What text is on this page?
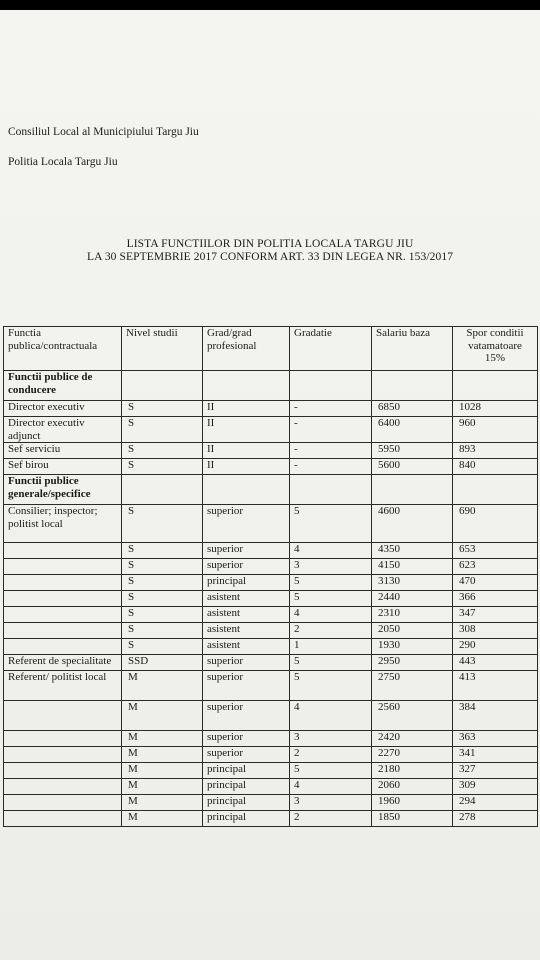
Consiliul Local al Municipiului Targu Jiu
Politia Locala Targu Jiu
LISTA FUNCTIILOR DIN POLITIA LOCALA TARGU JIU
LA 30 SEPTEMBRIE 2017 CONFORM ART. 33 DIN LEGEA NR. 153/2017
Functia publica/contractuala	Nivel studii	Grad/grad profesional	Gradatie	Salariu baza	Spor conditii vatamatoare 15%
Functii publice de conducere					
Director executiv	S	II	-	6850	1028
Director executiv adjunct	S	II	-	6400	960
Sef serviciu	S	II	-	5950	893
Sef birou	S	II	-	5600	840
Functii publice generale/specifice					
Consilier; inspector; politist local	S	superior	5	4600	690
	S	superior	4	4350	653
	S	superior	3	4150	623
	S	principal	5	3130	470
	S	asistent	5	2440	366
	S	asistent	4	2310	347
	S	asistent	2	2050	308
	S	asistent	1	1930	290
Referent de specialitate	SSD	superior	5	2950	443
Referent/ politist local	M	superior	5	2750	413
	M	superior	4	2560	384
	M	superior	3	2420	363
	M	superior	2	2270	341
	M	principal	5	2180	327
	M	principal	4	2060	309
	M	principal	3	1960	294
	M	principal	2	1850	278
